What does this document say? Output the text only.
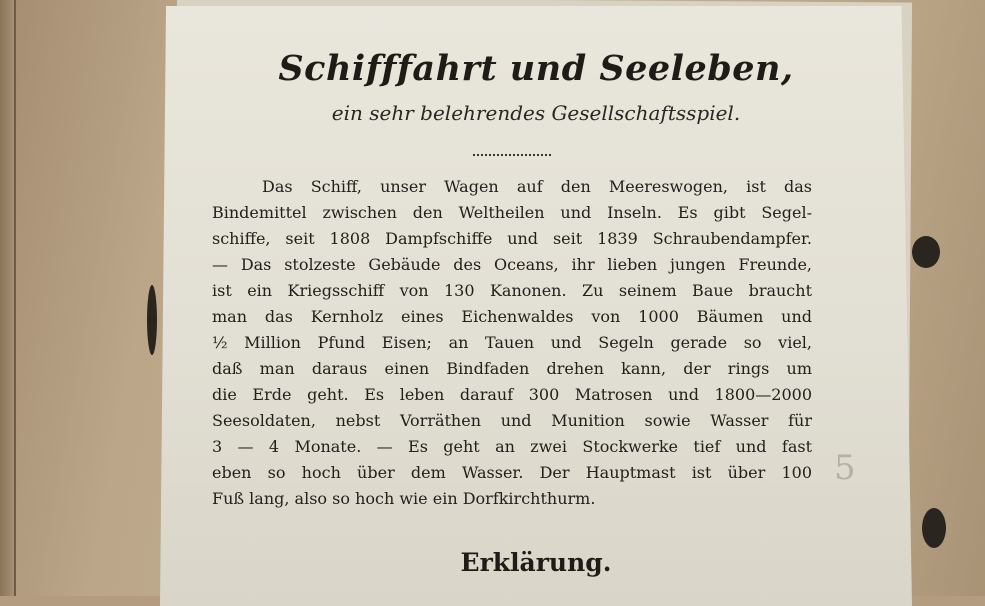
Schifffahrt und Seeleben,
ein sehr belehrendes Gesellschaftsspiel.
Das Schiff, unser Wagen auf den Meereswogen, ist das
Bindemittel zwischen den Weltheilen und Inseln. Es gibt Segel-
schiffe, seit 1808 Dampfschiffe und seit 1839 Schraubendampfer.
— Das stolzeste Gebäude des Oceans, ihr lieben jungen Freunde,
ist ein Kriegsschiff von 130 Kanonen. Zu seinem Baue braucht
man das Kernholz eines Eichenwaldes von 1000 Bäumen und
½ Million Pfund Eisen; an Tauen und Segeln gerade so viel,
daß man daraus einen Bindfaden drehen kann, der rings um
die Erde geht. Es leben darauf 300 Matrosen und 1800—2000
Seesoldaten, nebst Vorräthen und Munition sowie Wasser für
3 — 4 Monate. — Es geht an zwei Stockwerke tief und fast
eben so hoch über dem Wasser. Der Hauptmast ist über 100
Fuß lang, also so hoch wie ein Dorfkirchthurm.
5
Erklärung.
